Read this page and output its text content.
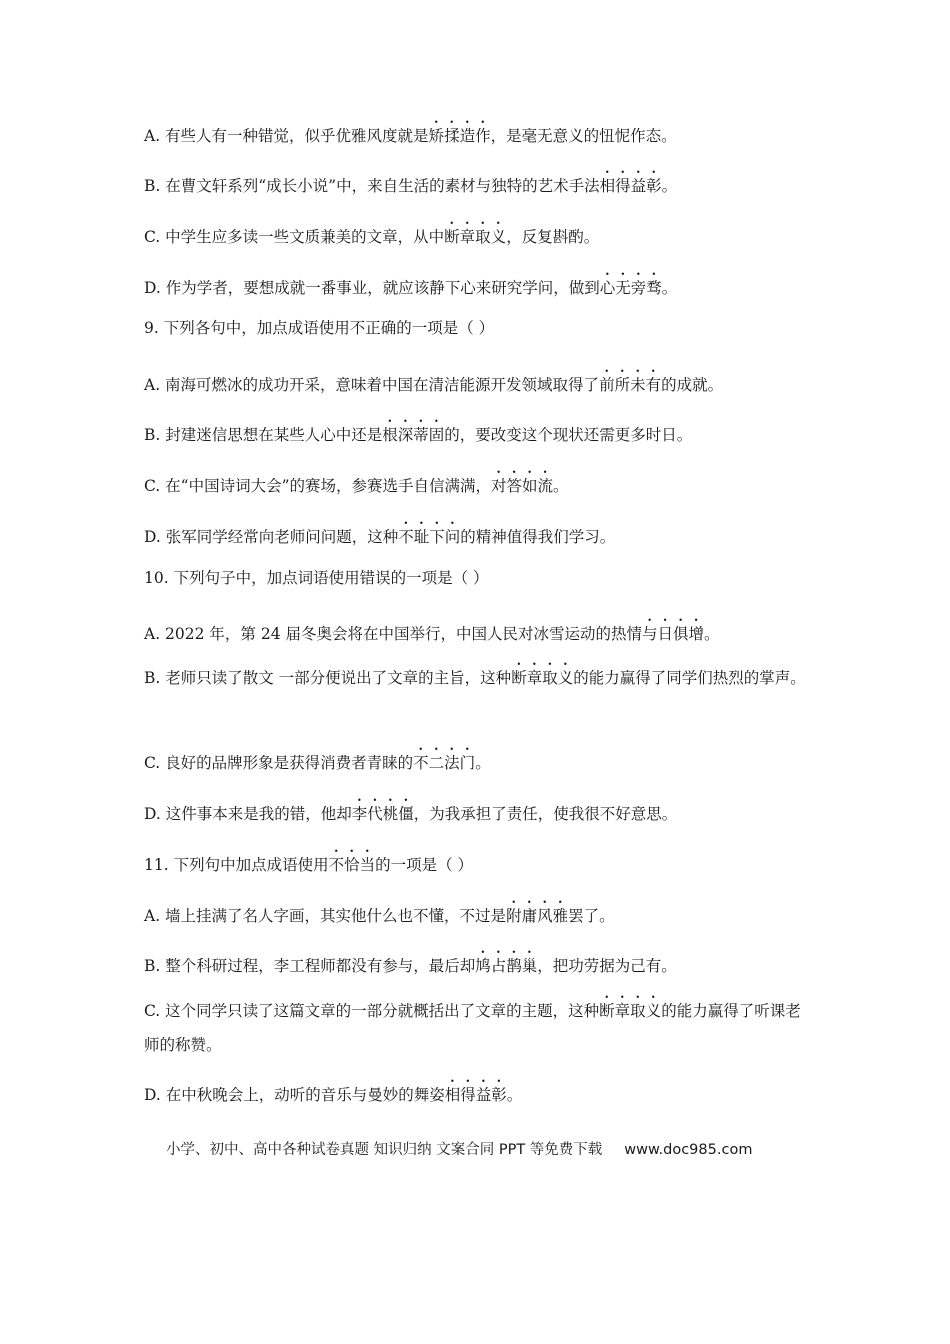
A. 有些人有一种错觉，似乎优雅风度就是矫揉造作，是毫无意义的忸怩作态。
B. 在曹文轩系列“成长小说”中，来自生活的素材与独特的艺术手法相得益彰。
C. 中学生应多读一些文质兼美的文章，从中断章取义，反复斟酌。
D. 作为学者，要想成就一番事业，就应该静下心来研究学问，做到心无旁骛。
9. 下列各句中，加点成语使用不正确的一项是（ ）
A. 南海可燃冰的成功开采，意味着中国在清洁能源开发领域取得了前所未有的成就。
B. 封建迷信思想在某些人心中还是根深蒂固的，要改变这个现状还需更多时日。
C. 在“中国诗词大会”的赛场，参赛选手自信满满，对答如流。
D. 张军同学经常向老师问问题，这种不耻下问的精神值得我们学习。
10. 下列句子中，加点词语使用错误的一项是（ ）
A. 2022 年，第 24 届冬奥会将在中国举行，中国人民对冰雪运动的热情与日俱增。
B. 老师只读了散文 一部分便说出了文章的主旨，这种断章取义的能力赢得了同学们热烈的掌声。
C. 良好的品牌形象是获得消费者青睐的不二法门。
D. 这件事本来是我的错，他却李代桃僵，为我承担了责任，使我很不好意思。
11. 下列句中加点成语使用不恰当的一项是（ ）
A. 墙上挂满了名人字画，其实他什么也不懂，不过是附庸风雅罢了。
B. 整个科研过程，李工程师都没有参与，最后却鸠占鹊巢，把功劳据为己有。
C. 这个同学只读了这篇文章的一部分就概括出了文章的主题，这种断章取义的能力赢得了听课老师的称赞。
D. 在中秋晚会上，动听的音乐与曼妙的舞姿相得益彰。
小学、初中、高中各种试卷真题 知识归纳 文案合同 PPT 等免费下载 www.doc985.com
